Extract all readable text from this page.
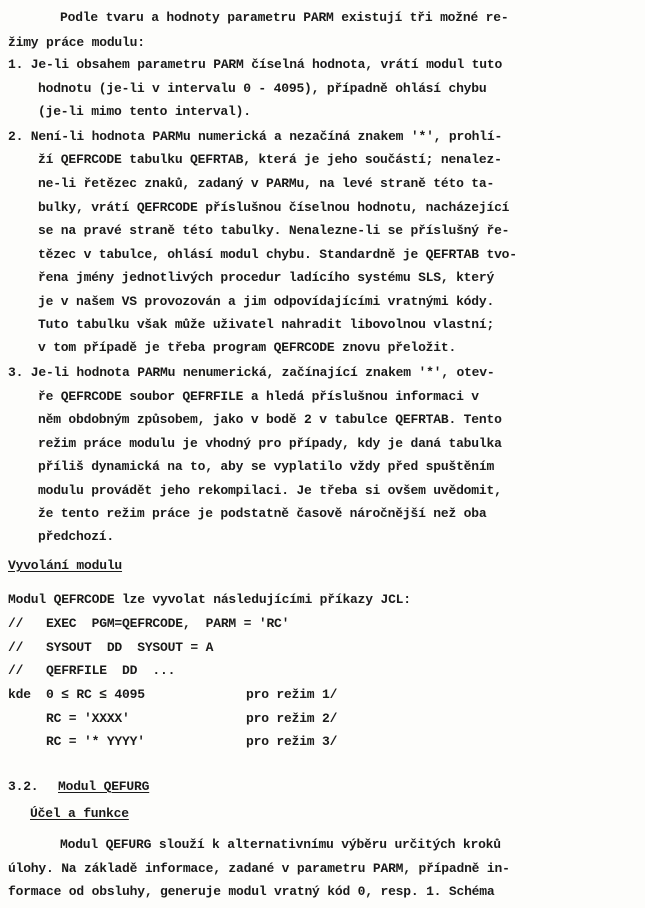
Podle tvaru a hodnoty parametru PARM existují tři možné re-
žimy práce modulu:
1. Je-li obsahem parametru PARM číselná hodnota, vrátí modul tuto
hodnotu (je-li v intervalu 0 - 4095), případně ohlásí chybu
(je-li mimo tento interval).
2. Není-li hodnota PARMu numerická a nezačíná znakem '*', prohlí-
ží QEFRCODE tabulku QEFRTAB, která je jeho součástí; nenalez-
ne-li řetězec znaků, zadaný v PARMu, na levé straně této ta-
bulky, vrátí QEFRCODE příslušnou číselnou hodnotu, nacházející
se na pravé straně této tabulky. Nenalezne-li se příslušný ře-
tězec v tabulce, ohlásí modul chybu. Standardně je QEFRTAB tvo-
řena jmény jednotlivých procedur ladícího systému SLS, který
je v našem VS provozován a jim odpovídajícími vratnými kódy.
Tuto tabulku však může uživatel nahradit libovolnou vlastní;
v tom případě je třeba program QEFRCODE znovu přeložit.
3. Je-li hodnota PARMu nenumerická, začínající znakem '*', otev-
ře QEFRCODE soubor QEFRFILE a hledá příslušnou informaci v
něm obdobným způsobem, jako v bodě 2 v tabulce QEFRTAB. Tento
režim práce modulu je vhodný pro případy, kdy je daná tabulka
příliš dynamická na to, aby se vyplatilo vždy před spuštěním
modulu provádět jeho rekompilaci. Je třeba si ovšem uvědomit,
že tento režim práce je podstatně časově náročnější než oba
předchozí.
Vyvolání modulu
Modul QEFRCODE lze vyvolat následujícími příkazy JCL:
//   EXEC  PGM=QEFRCODE,  PARM = 'RC'
//   SYSOUT  DD  SYSOUT = A
//   QEFRFILE  DD  ...
kde  0 ≤ RC ≤ 4095	pro režim 1/
RC = 'XXXX'	pro režim 2/
RC = '* YYYY'	pro režim 3/
3.2. Modul QEFURG
Účel a funkce
Modul QEFURG slouží k alternativnímu výběru určitých kroků
úlohy. Na základě informace, zadané v parametru PARM, případně in-
formace od obsluhy, generuje modul vratný kód 0, resp. 1. Schéma
